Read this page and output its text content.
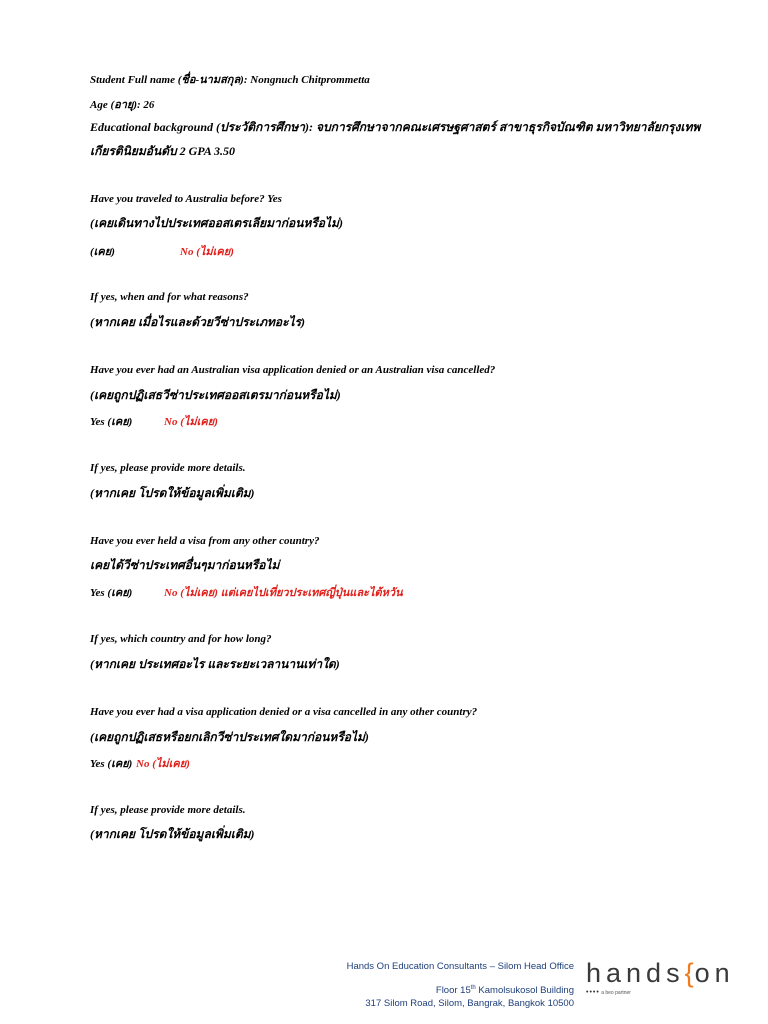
Student Full name (ชื่อ-นามสกุล): Nongnuch Chitprommetta
Age (อายุ): 26
Educational background (ประวัติการศึกษา): จบการศึกษาจากคณะเศรษฐศาสตร์ สาขาธุรกิจบัณฑิต มหาวิทยาลัยกรุงเทพ
เกียรตินิยมอันดับ 2 GPA 3.50
Have you traveled to Australia before? Yes
(เคยเดินทางไปประเทศออสเตรเลียมาก่อนหรือไม่)
(เคย)	No (ไม่เคย)
If yes, when and for what reasons?
(หากเคย เมื่อไรและด้วยวีซ่าประเภทอะไร)
Have you ever had an Australian visa application denied or an Australian visa cancelled?
(เคยถูกปฏิเสธวีซ่าประเทศออสเตรมาก่อนหรือไม่)
Yes (เคย)	No (ไม่เคย)
If yes, please provide more details.
(หากเคย โปรดให้ข้อมูลเพิ่มเติม)
Have you ever held a visa from any other country?
เคยได้วีซ่าประเทศอื่นๆมาก่อนหรือไม่
Yes (เคย)	No (ไม่เคย) แต่เคยไปเที่ยวประเทศญี่ปุ่นและไต้หวัน
If yes, which country and for how long?
(หากเคย ประเทศอะไร และระยะเวลานานเท่าใด)
Have you ever had a visa application denied or a visa cancelled in any other country?
(เคยถูกปฏิเสธหรือยกเลิกวีซ่าประเทศใดมาก่อนหรือไม่)
Yes (เคย) No (ไม่เคย)
If yes, please provide more details.
(หากเคย โปรดให้ข้อมูลเพิ่มเติม)
Hands On Education Consultants – Silom Head Office
Floor 15th Kamolsukosol Building
317 Silom Road, Silom, Bangrak, Bangkok 10500
hands{on
•••• a beo partner
